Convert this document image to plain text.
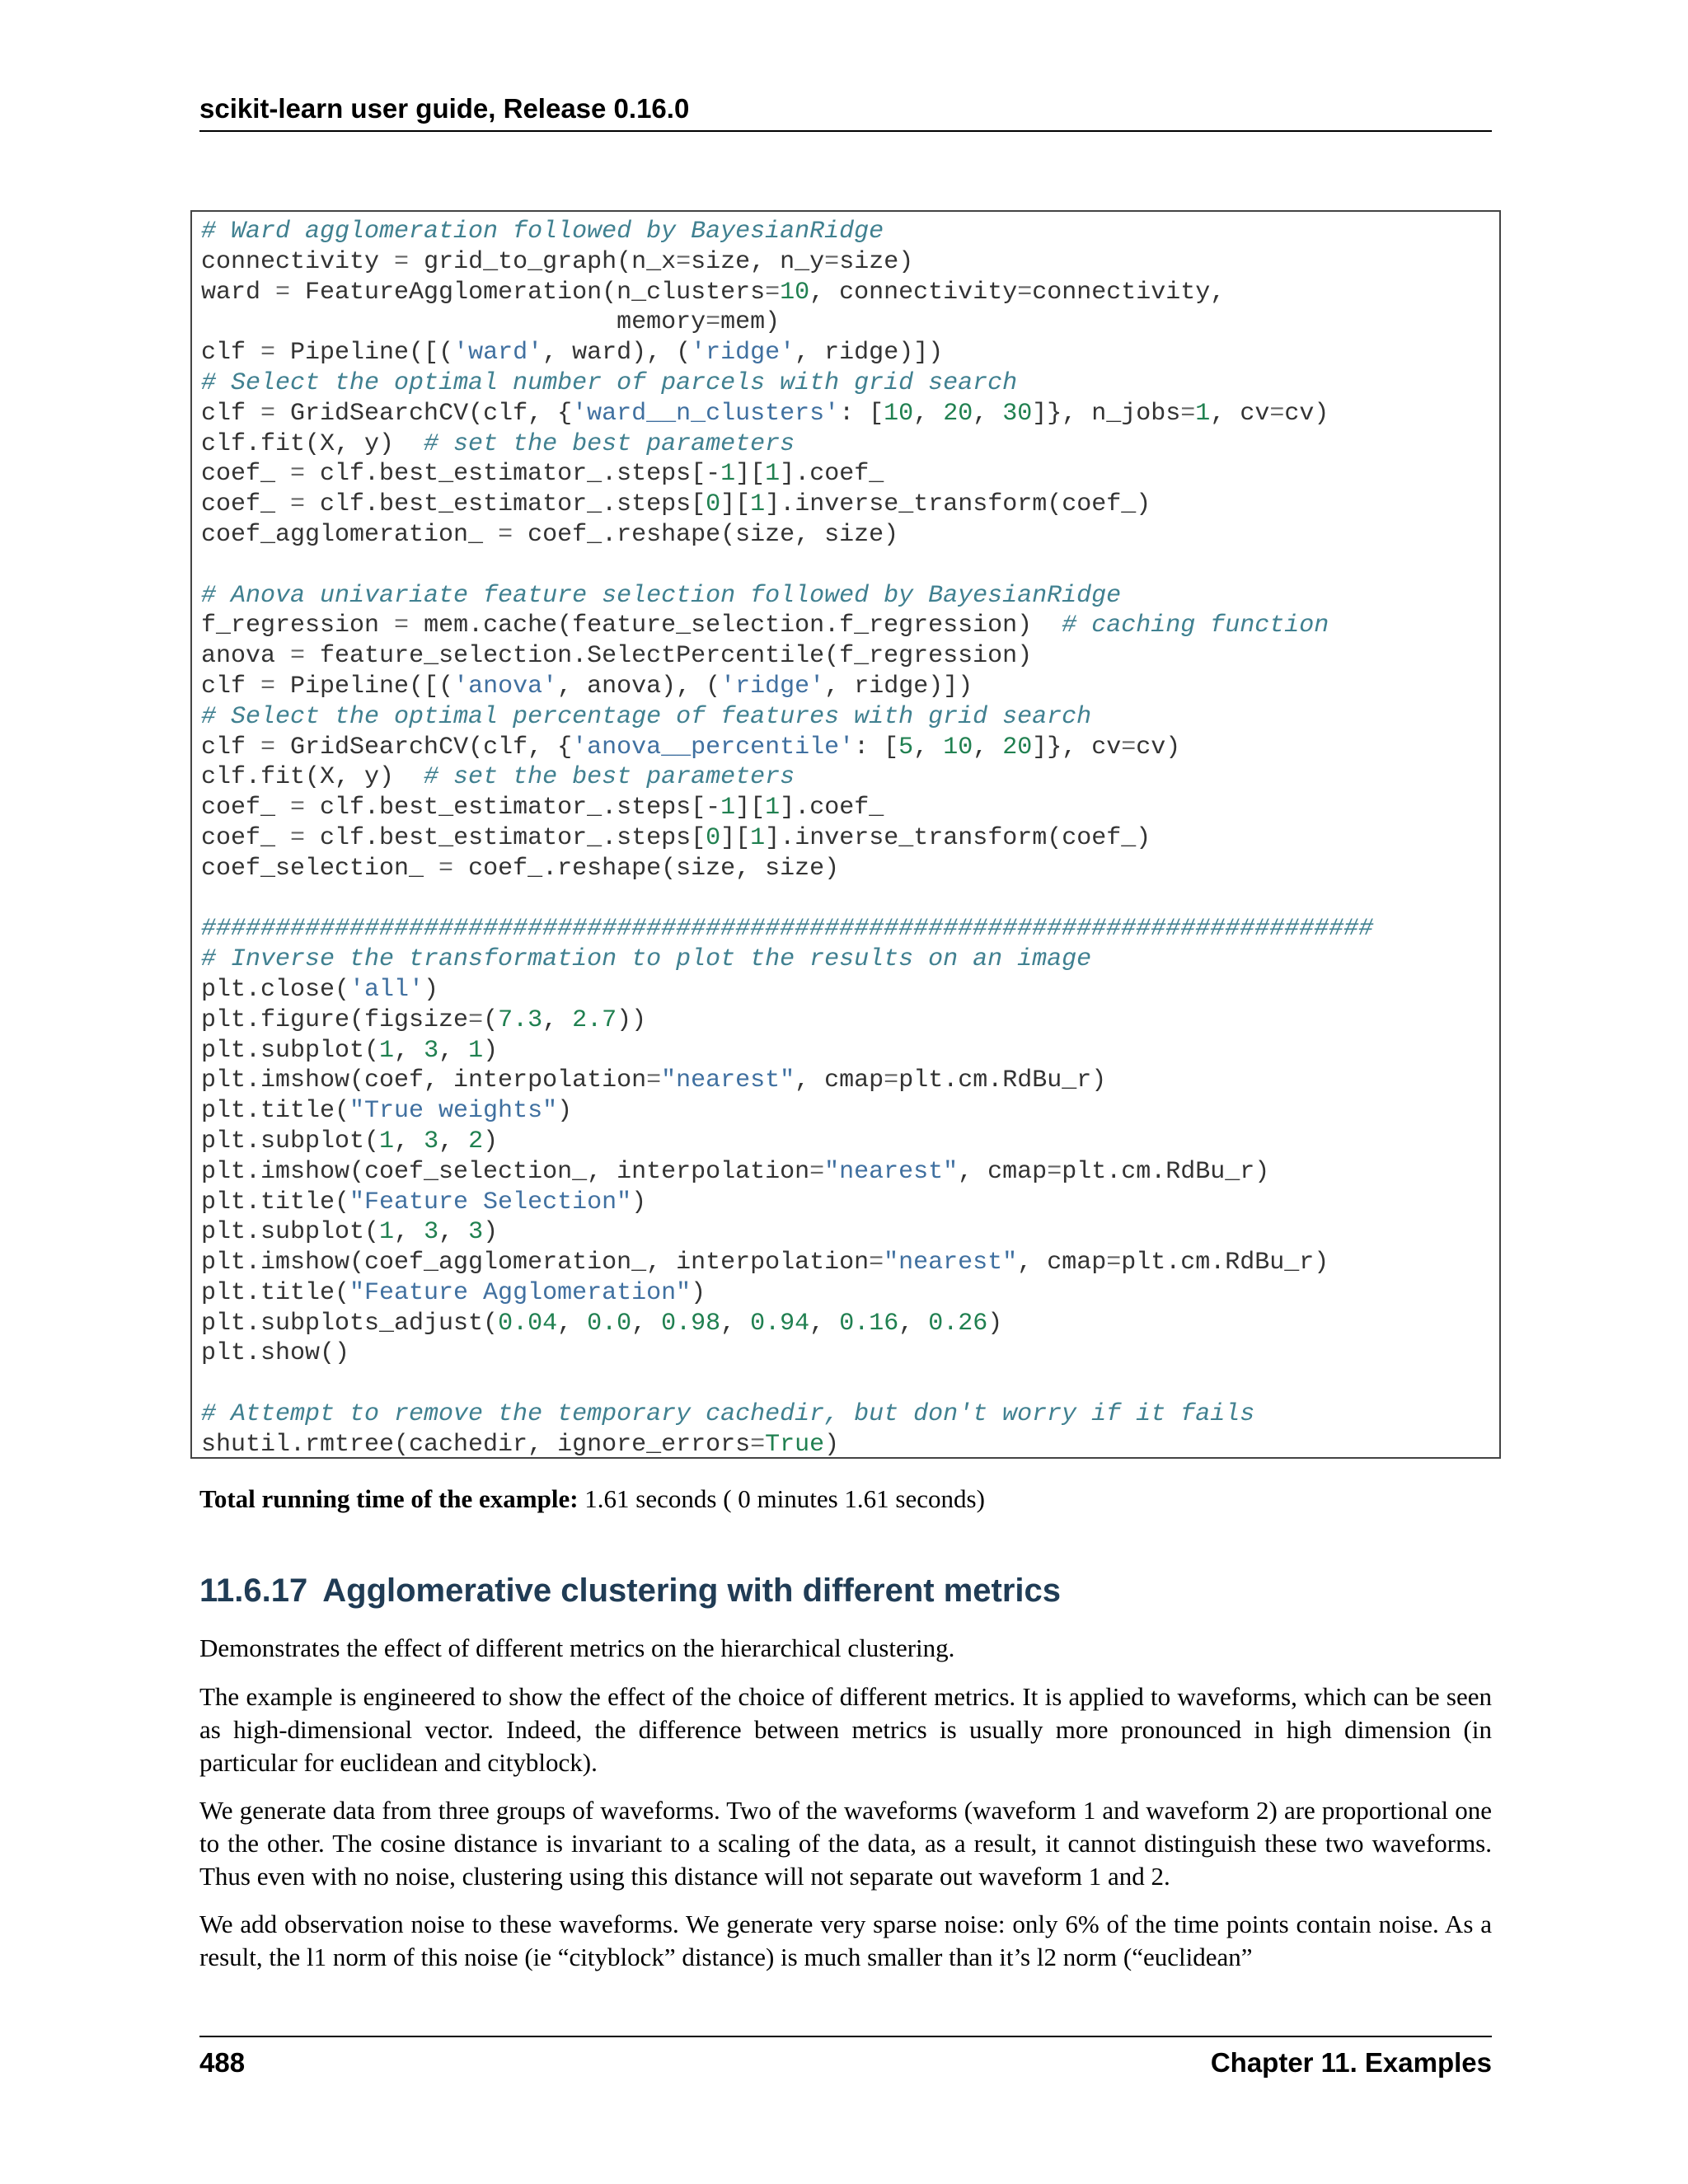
scikit-learn user guide, Release 0.16.0
# Ward agglomeration followed by BayesianRidge
connectivity = grid_to_graph(n_x=size, n_y=size)
ward = FeatureAgglomeration(n_clusters=10, connectivity=connectivity,
memory=mem)
clf = Pipeline([('ward', ward), ('ridge', ridge)])
# Select the optimal number of parcels with grid search
clf = GridSearchCV(clf, {'ward__n_clusters': [10, 20, 30]}, n_jobs=1, cv=cv)
clf.fit(X, y)  # set the best parameters
coef_ = clf.best_estimator_.steps[-1][1].coef_
coef_ = clf.best_estimator_.steps[0][1].inverse_transform(coef_)
coef_agglomeration_ = coef_.reshape(size, size)

# Anova univariate feature selection followed by BayesianRidge
f_regression = mem.cache(feature_selection.f_regression)  # caching function
anova = feature_selection.SelectPercentile(f_regression)
clf = Pipeline([('anova', anova), ('ridge', ridge)])
# Select the optimal percentage of features with grid search
clf = GridSearchCV(clf, {'anova__percentile': [5, 10, 20]}, cv=cv)
clf.fit(X, y)  # set the best parameters
coef_ = clf.best_estimator_.steps[-1][1].coef_
coef_ = clf.best_estimator_.steps[0][1].inverse_transform(coef_)
coef_selection_ = coef_.reshape(size, size)

###############################################################################
# Inverse the transformation to plot the results on an image
plt.close('all')
plt.figure(figsize=(7.3, 2.7))
plt.subplot(1, 3, 1)
plt.imshow(coef, interpolation="nearest", cmap=plt.cm.RdBu_r)
plt.title("True weights")
plt.subplot(1, 3, 2)
plt.imshow(coef_selection_, interpolation="nearest", cmap=plt.cm.RdBu_r)
plt.title("Feature Selection")
plt.subplot(1, 3, 3)
plt.imshow(coef_agglomeration_, interpolation="nearest", cmap=plt.cm.RdBu_r)
plt.title("Feature Agglomeration")
plt.subplots_adjust(0.04, 0.0, 0.98, 0.94, 0.16, 0.26)
plt.show()

# Attempt to remove the temporary cachedir, but don't worry if it fails
shutil.rmtree(cachedir, ignore_errors=True)
Total running time of the example: 1.61 seconds ( 0 minutes 1.61 seconds)
11.6.17 Agglomerative clustering with different metrics
Demonstrates the effect of different metrics on the hierarchical clustering.
The example is engineered to show the effect of the choice of different metrics. It is applied to waveforms, which can be seen as high-dimensional vector. Indeed, the difference between metrics is usually more pronounced in high dimension (in particular for euclidean and cityblock).
We generate data from three groups of waveforms. Two of the waveforms (waveform 1 and waveform 2) are proportional one to the other. The cosine distance is invariant to a scaling of the data, as a result, it cannot distinguish these two waveforms. Thus even with no noise, clustering using this distance will not separate out waveform 1 and 2.
We add observation noise to these waveforms. We generate very sparse noise: only 6% of the time points contain noise. As a result, the l1 norm of this noise (ie “cityblock” distance) is much smaller than it’s l2 norm (“euclidean”
488	Chapter 11. Examples
